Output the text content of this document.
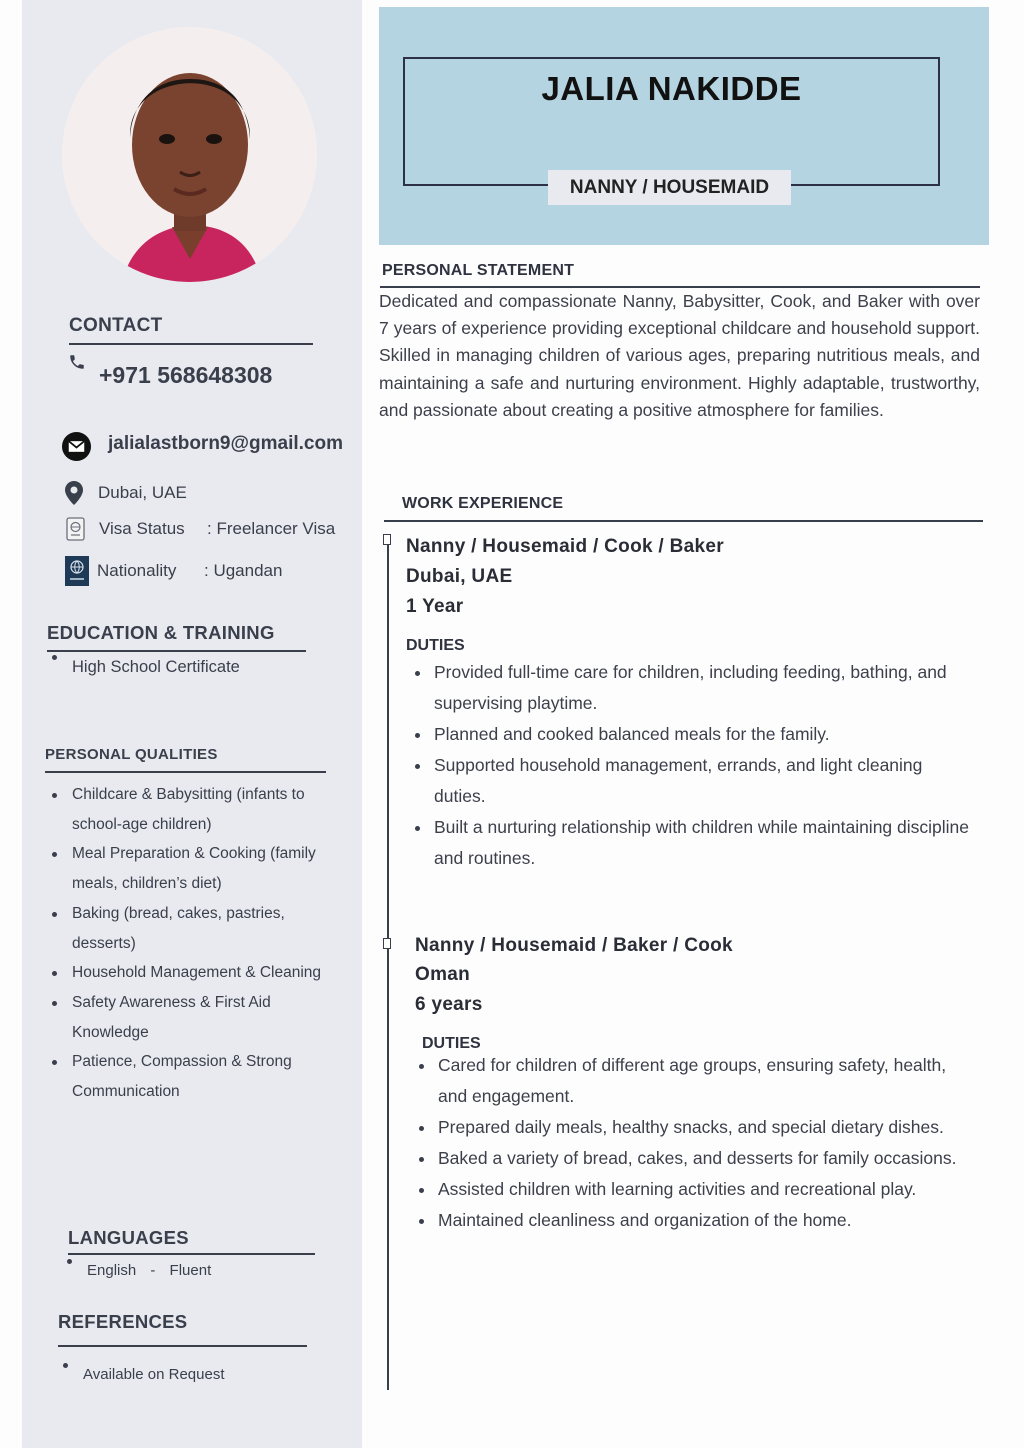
CONTACT
+971 568648308
jalialastborn9@gmail.com
Dubai, UAE
Visa Status	: Freelancer Visa
Nationality	: Ugandan
EDUCATION & TRAINING
High School Certificate
PERSONAL QUALITIES
Childcare & Babysitting (infants to school-age children)
Meal Preparation & Cooking (family meals, children’s diet)
Baking (bread, cakes, pastries, desserts)
Household Management & Cleaning
Safety Awareness & First Aid Knowledge
Patience, Compassion & Strong Communication
LANGUAGES
English - Fluent
REFERENCES
Available on Request
JALIA NAKIDDE
NANNY / HOUSEMAID
PERSONAL STATEMENT

Dedicated and compassionate Nanny, Babysitter, Cook, and Baker with over 7 years of experience providing exceptional childcare and household support. Skilled in managing children of various ages, preparing nutritious meals, and maintaining a safe and nurturing environment. Highly adaptable, trustworthy, and passionate about creating a positive atmosphere for families.

WORK EXPERIENCE
Nanny / Housemaid / Cook / Baker
Dubai, UAE
1 Year
DUTIES
Provided full-time care for children, including feeding, bathing, and supervising playtime.
Planned and cooked balanced meals for the family.
Supported household management, errands, and light cleaning duties.
Built a nurturing relationship with children while maintaining discipline and routines.
Nanny / Housemaid / Baker / Cook
Oman
6 years
DUTIES
Cared for children of different age groups, ensuring safety, health, and engagement.
Prepared daily meals, healthy snacks, and special dietary dishes.
Baked a variety of bread, cakes, and desserts for family occasions.
Assisted children with learning activities and recreational play.
Maintained cleanliness and organization of the home.
